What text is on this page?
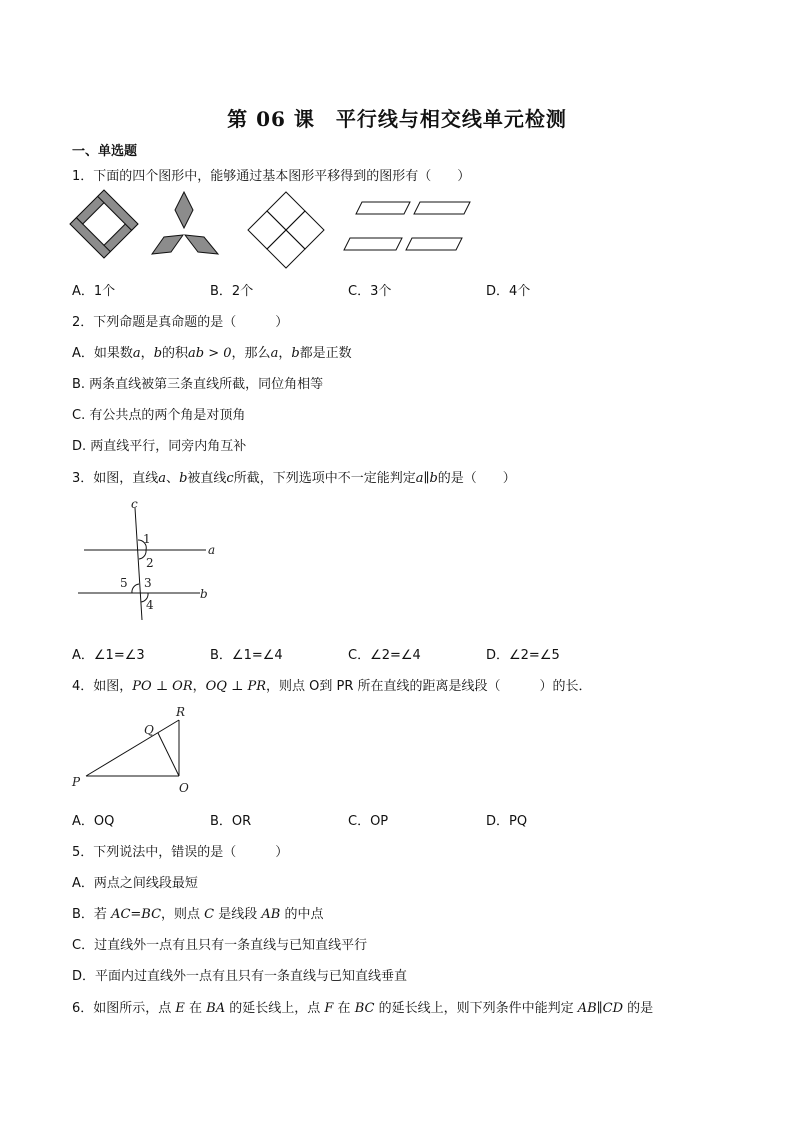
第 06 课　平行线与相交线单元检测
一、单选题
1．下面的四个图形中，能够通过基本图形平移得到的图形有（　　）
A．1个	B．2个	C．3个	D．4个
2．下列命题是真命题的是（　　　）
A．如果数a，b的积ab > 0，那么a，b都是正数
B. 两条直线被第三条直线所截，同位角相等
C. 有公共点的两个角是对顶角
D. 两直线平行，同旁内角互补
3．如图，直线a、b被直线c所截，下列选项中不一定能判定a∥b的是（　　）
c
a
b
1
2
3
4
5
A．∠1=∠3	B．∠1=∠4	C．∠2=∠4	D．∠2=∠5
4．如图，PO ⊥ OR，OQ ⊥ PR，则点 O到 PR 所在直线的距离是线段（　　　）的长．
P
Q
R
O
A．OQ	B．OR	C．OP	D．PQ
5．下列说法中，错误的是（　　　）
A．两点之间线段最短
B．若 AC=BC，则点 C 是线段 AB 的中点
C．过直线外一点有且只有一条直线与已知直线平行
D．平面内过直线外一点有且只有一条直线与已知直线垂直
6．如图所示，点 E 在 BA 的延长线上，点 F 在 BC 的延长线上，则下列条件中能判定 AB∥CD 的是
